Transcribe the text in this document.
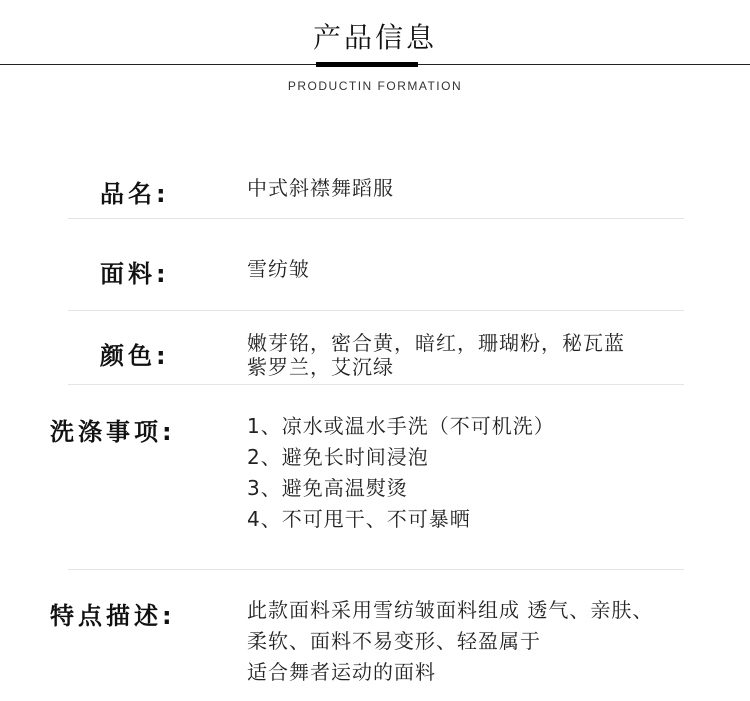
产品信息
PRODUCTIN FORMATION
品名:	中式斜襟舞蹈服
面料:	雪纺皱
颜色:	嫩芽铭，密合黄，暗红，珊瑚粉，秘瓦蓝
紫罗兰，艾沉绿
洗涤事项:	1、凉水或温水手洗（不可机洗）
2、避免长时间浸泡
3、避免高温熨烫
4、不可甩干、不可暴晒
特点描述:	此款面料采用雪纺皱面料组成 透气、亲肤、
柔软、面料不易变形、轻盈属于
适合舞者运动的面料
